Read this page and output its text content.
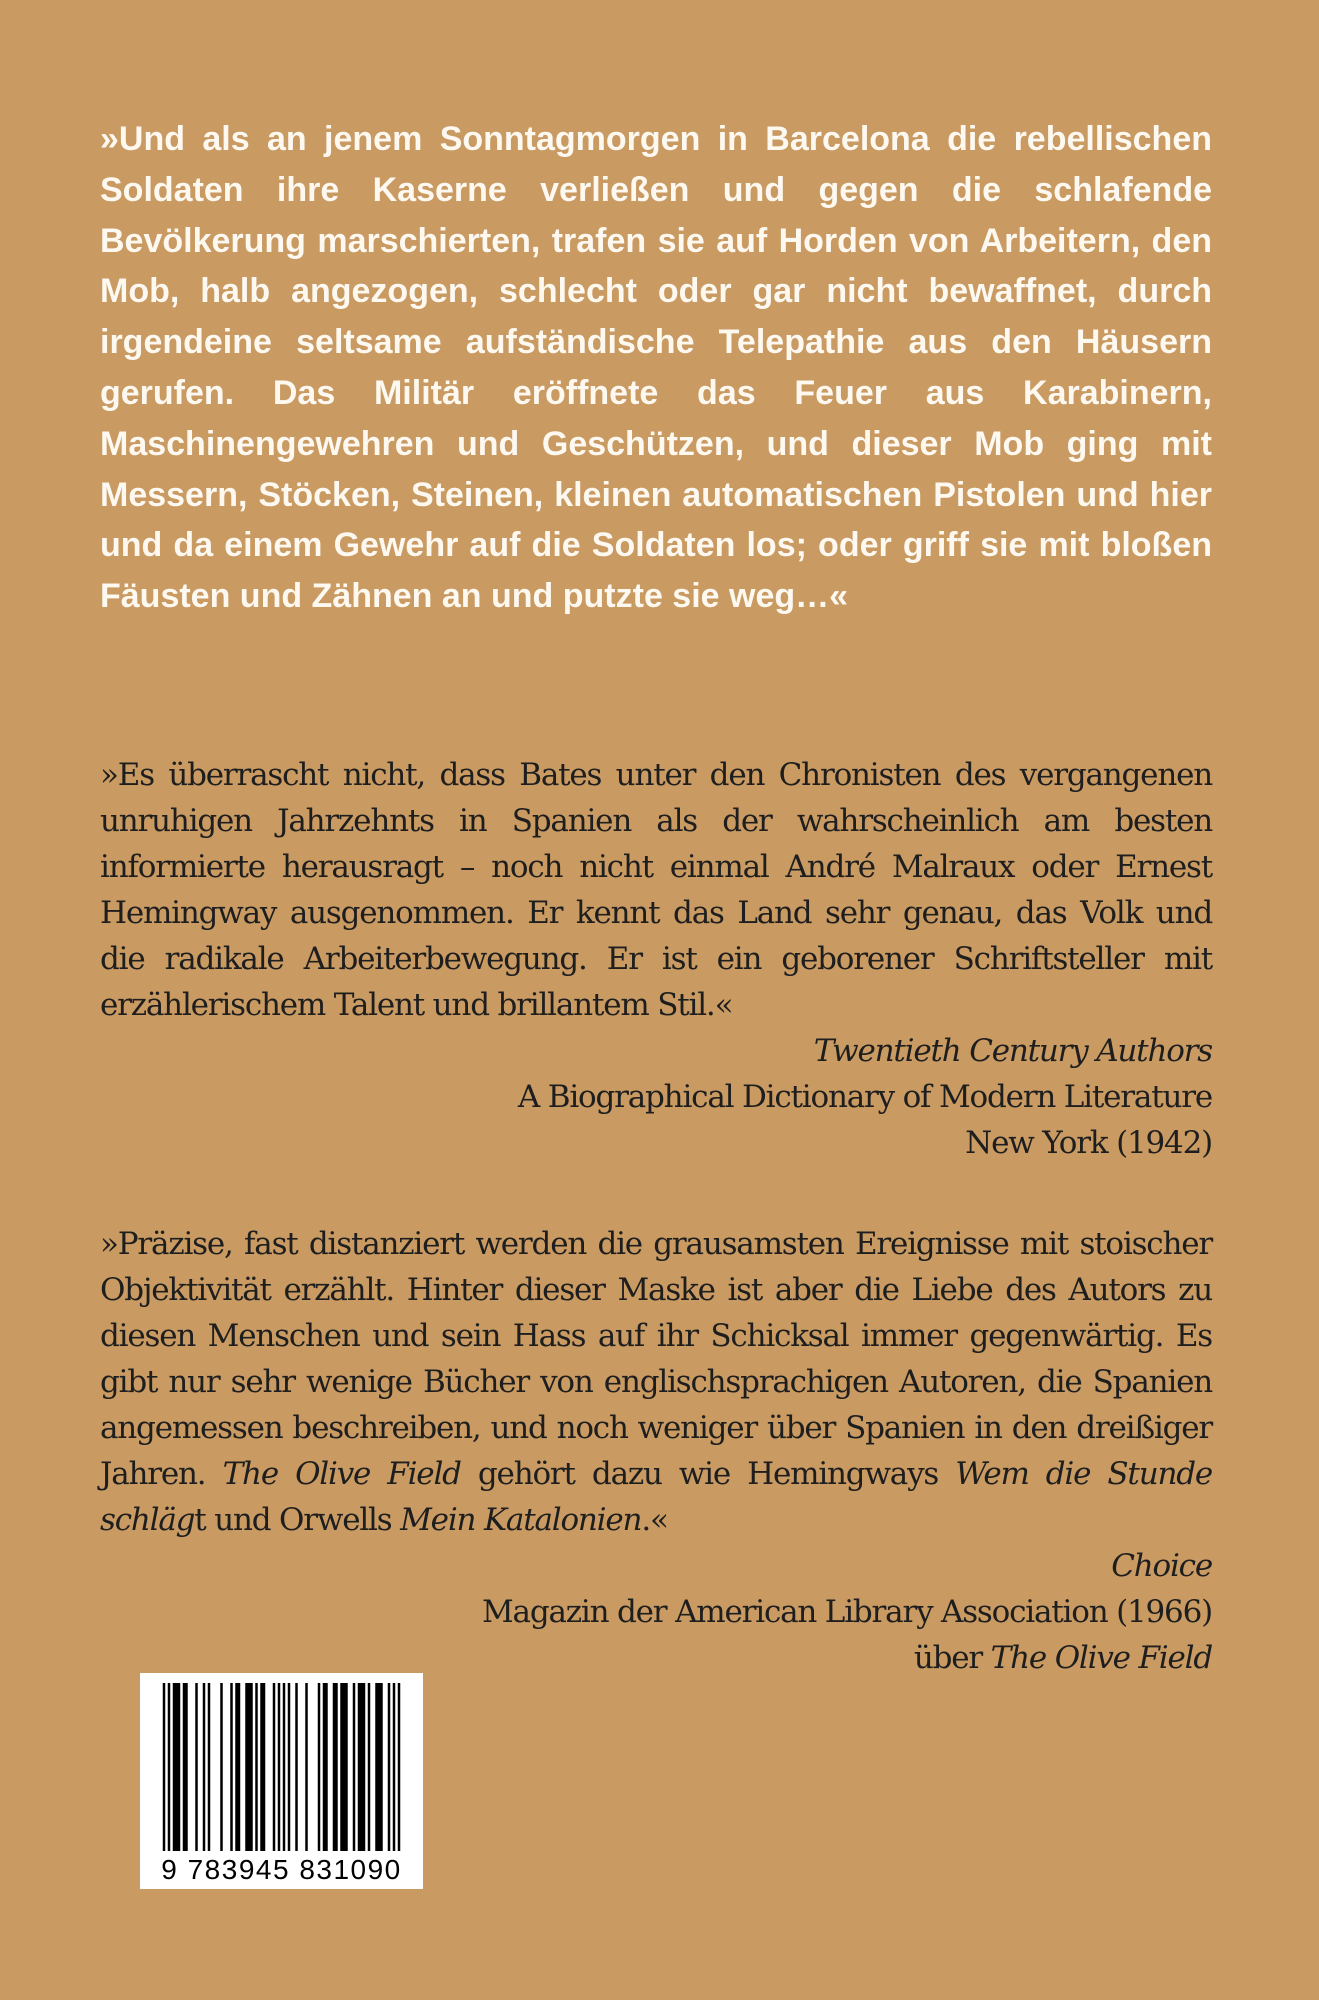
»Und als an jenem Sonntagmorgen in Barcelona die rebellischen Soldaten ihre Kaserne verließen und gegen die schlafende Bevölkerung marschierten, trafen sie auf Horden von Arbeitern, den Mob, halb angezogen, schlecht oder gar nicht bewaffnet, durch irgendeine seltsame aufständische Telepathie aus den Häusern gerufen. Das Militär eröffnete das Feuer aus Karabinern, Maschinengewehren und Geschützen, und dieser Mob ging mit Messern, Stöcken, Steinen, kleinen automatischen Pistolen und hier und da einem Gewehr auf die Soldaten los; oder griff sie mit bloßen Fäusten und Zähnen an und putzte sie weg…«

»Es überrascht nicht, dass Bates unter den Chronisten des vergangenen unruhigen Jahrzehnts in Spanien als der wahrscheinlich am besten informierte herausragt – noch nicht einmal André Malraux oder Ernest Hemingway ausgenommen. Er kennt das Land sehr genau, das Volk und die radikale Arbeiterbewegung. Er ist ein geborener Schriftsteller mit erzählerischem Talent und brillantem Stil.«

Twentieth Century Authors
A Biographical Dictionary of Modern Literature
New York (1942)

»Präzise, fast distanziert werden die grausamsten Ereignisse mit stoischer Objektivität erzählt. Hinter dieser Maske ist aber die Liebe des Autors zu diesen Menschen und sein Hass auf ihr Schicksal immer gegenwärtig. Es gibt nur sehr wenige Bücher von englischsprachigen Autoren, die Spanien angemessen beschreiben, und noch weniger über Spanien in den dreißiger Jahren. The Olive Field gehört dazu wie Hemingways Wem die Stunde schlägt und Orwells Mein Katalonien.«

Choice
Magazin der American Library Association (1966)
über The Olive Field
9 783945 831090
